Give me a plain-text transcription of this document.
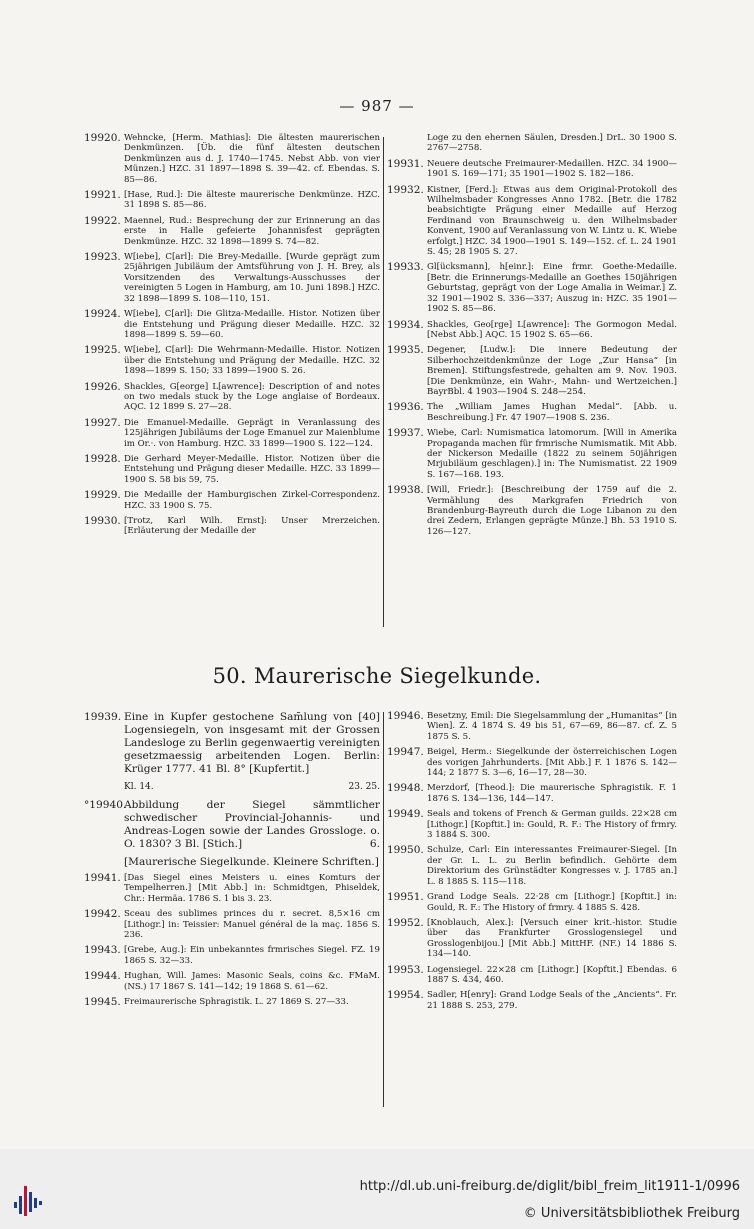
— 987 —
19920. Wehncke, [Herm. Mathias]: Die ältesten maurerischen Denkmünzen. [Üb. die fünf ältesten deutschen Denkmünzen aus d. J. 1740—1745. Nebst Abb. von vier Münzen.] HZC. 31 1897—1898 S. 39—42. cf. Ebendas. S. 85—86.
19921. [Hase, Rud.]: Die älteste maurerische Denkmünze. HZC. 31 1898 S. 85—86.
19922. Maennel, Rud.: Besprechung der zur Erinnerung an das erste in Halle gefeierte Johannisfest geprägten Denkmünze. HZC. 32 1898—1899 S. 74—82.
19923. W[iebe], C[arl]: Die Brey-Medaille. [Wurde geprägt zum 25jährigen Jubiläum der Amtsführung von J. H. Brey, als Vorsitzenden des Verwaltungs-Ausschusses der vereinigten 5 Logen in Hamburg, am 10. Juni 1898.] HZC. 32 1898—1899 S. 108—110, 151.
19924. W[iebe], C[arl]: Die Glitza-Medaille. Histor. Notizen über die Entstehung und Prägung dieser Medaille. HZC. 32 1898—1899 S. 59—60.
19925. W[iebe], C[arl]: Die Wehrmann-Medaille. Histor. Notizen über die Entstehung und Prägung der Medaille. HZC. 32 1898—1899 S. 150; 33 1899—1900 S. 26.
19926. Shackles, G[eorge] L[awrence]: Description of and notes on two medals stuck by the Loge anglaise of Bordeaux. AQC. 12 1899 S. 27—28.
19927. Die Emanuel-Medaille. Geprägt in Veranlassung des 125jährigen Jubiläums der Loge Emanuel zur Maienblume im Or.·. von Hamburg. HZC. 33 1899—1900 S. 122—124.
19928. Die Gerhard Meyer-Medaille. Histor. Notizen über die Entstehung und Prägung dieser Medaille. HZC. 33 1899—1900 S. 58 bis 59, 75.
19929. Die Medaille der Hamburgischen Zirkel-Correspondenz. HZC. 33 1900 S. 75.
19930. [Trotz, Karl Wilh. Ernst]: Unser Mrerzeichen. [Erläuterung der Medaille der
Loge zu den ehernen Säulen, Dresden.] DrL. 30 1900 S. 2767—2758.
19931. Neuere deutsche Freimaurer-Medaillen. HZC. 34 1900—1901 S. 169—171; 35 1901—1902 S. 182—186.
19932. Kistner, [Ferd.]: Etwas aus dem Original-Protokoll des Wilhelmsbader Kongresses Anno 1782. [Betr. die 1782 beabsichtigte Prägung einer Medaille auf Herzog Ferdinand von Braunschweig u. den Wilhelmsbader Konvent, 1900 auf Veranlassung von W. Lintz u. K. Wiebe erfolgt.] HZC. 34 1900—1901 S. 149—152. cf. L. 24 1901 S. 45; 28 1905 S. 27.
19933. Gl[ücksmann], h[einr.]: Eine frmr. Goethe-Medaille. [Betr. die Erinnerungs-Medaille an Goethes 150jährigen Geburtstag, geprägt von der Loge Amalia in Weimar.] Z. 32 1901—1902 S. 336—337; Auszug in: HZC. 35 1901—1902 S. 85—86.
19934. Shackles, Geo[rge] L[awrence]: The Gormogon Medal. [Nebst Abb.] AQC. 15 1902 S. 65—66.
19935. Degener, [Ludw.]: Die innere Bedeutung der Silberhochzeitdenkmünze der Loge „Zur Hansa“ [in Bremen]. Stiftungsfestrede, gehalten am 9. Nov. 1903. [Die Denkmünze, ein Wahr-, Mahn- und Wertzeichen.] BayrBbl. 4 1903—1904 S. 248—254.
19936. The „William James Hughan Medal“. [Abb. u. Beschreibung.] Fr. 47 1907—1908 S. 236.
19937. Wiebe, Carl: Numismatica latomorum. [Will in Amerika Propaganda machen für frmrische Numismatik. Mit Abb. der Nickerson Medaille (1822 zu seinem 50jährigen Mrjubiläum geschlagen).] in: The Numismatist. 22 1909 S. 167—168. 193.
19938. [Will, Friedr.]: [Beschreibung der 1759 auf die 2. Vermählung des Markgrafen Friedrich von Brandenburg-Bayreuth durch die Loge Libanon zu den drei Zedern, Erlangen geprägte Münze.] Bh. 53 1910 S. 126—127.
50. Maurerische Siegelkunde.
19939. Eine in Kupfer gestochene Sam̄lung von [40] Logensiegeln, von insgesamt mit der Grossen Landesloge zu Berlin gegenwaertig vereinigten gesetzmaessig arbeitenden Logen. Berlin: Krüger 1777. 41 Bl. 8° [Kupfertit.]
Kl. 14.	23. 25.
°19940.
Abbildung der Siegel sämmtlicher schwedischer Provincial-Johannis- und Andreas-Logen sowie der Landes Grossloge. o. O. 1830? 3 Bl. [Stich.]	6.
[Maurerische Siegelkunde. Kleinere Schriften.]
19941. [Das Siegel eines Meisters u. eines Komturs der Tempelherren.] [Mit Abb.] in: Schmidtgen, Phiseldek, Chr.: Hermäa. 1786 S. 1 bis 3. 23.
19942. Sceau des sublimes princes du r. secret. 8,5×16 cm [Lithogr.] in: Teissier: Manuel général de la maç. 1856 S. 236.
19943. [Grebe, Aug.]: Ein unbekanntes frmrisches Siegel. FZ. 19 1865 S. 32—33.
19944. Hughan, Will. James: Masonic Seals, coins &c. FMaM. (NS.) 17 1867 S. 141—142; 19 1868 S. 61—62.
19945. Freimaurerische Sphragistik. L. 27 1869 S. 27—33.
19946. Besetzny, Emil: Die Siegelsammlung der „Humanitas“ [in Wien]. Z. 4 1874 S. 49 bis 51, 67—69, 86—87. cf. Z. 5 1875 S. 5.
19947. Beigel, Herm.: Siegelkunde der österreichischen Logen des vorigen Jahrhunderts. [Mit Abb.] F. 1 1876 S. 142—144; 2 1877 S. 3—6, 16—17, 28—30.
19948. Merzdorf, [Theod.]: Die maurerische Sphragistik. F. 1 1876 S. 134—136, 144—147.
19949. Seals and tokens of French & German guilds. 22×28 cm [Lithogr.] [Kopftit.] in: Gould, R. F.: The History of frmry. 3 1884 S. 300.
19950. Schulze, Carl: Ein interessantes Freimaurer-Siegel. [In der Gr. L. L. zu Berlin befindlich. Gehörte dem Direktorium des Grünstädter Kongresses v. J. 1785 an.] L. 8 1885 S. 115—118.
19951. Grand Lodge Seals. 22·28 cm [Lithogr.] [Kopftit.] in: Gould, R. F.: The History of frmry. 4 1885 S. 428.
19952. [Knoblauch, Alex.]: [Versuch einer krit.-histor. Studie über das Frankfurter Grosslogensiegel und Grosslogenbijou.] [Mit Abb.] MittHF. (NF.) 14 1886 S. 134—140.
19953. Logensiegel. 22×28 cm [Lithogr.] [Kopftit.] Ebendas. 6 1887 S. 434, 460.
19954. Sadler, H[enry]: Grand Lodge Seals of the „Ancients“. Fr. 21 1888 S. 253, 279.
http://dl.ub.uni-freiburg.de/diglit/bibl_freim_lit1911-1/0996
© Universitätsbibliothek Freiburg
